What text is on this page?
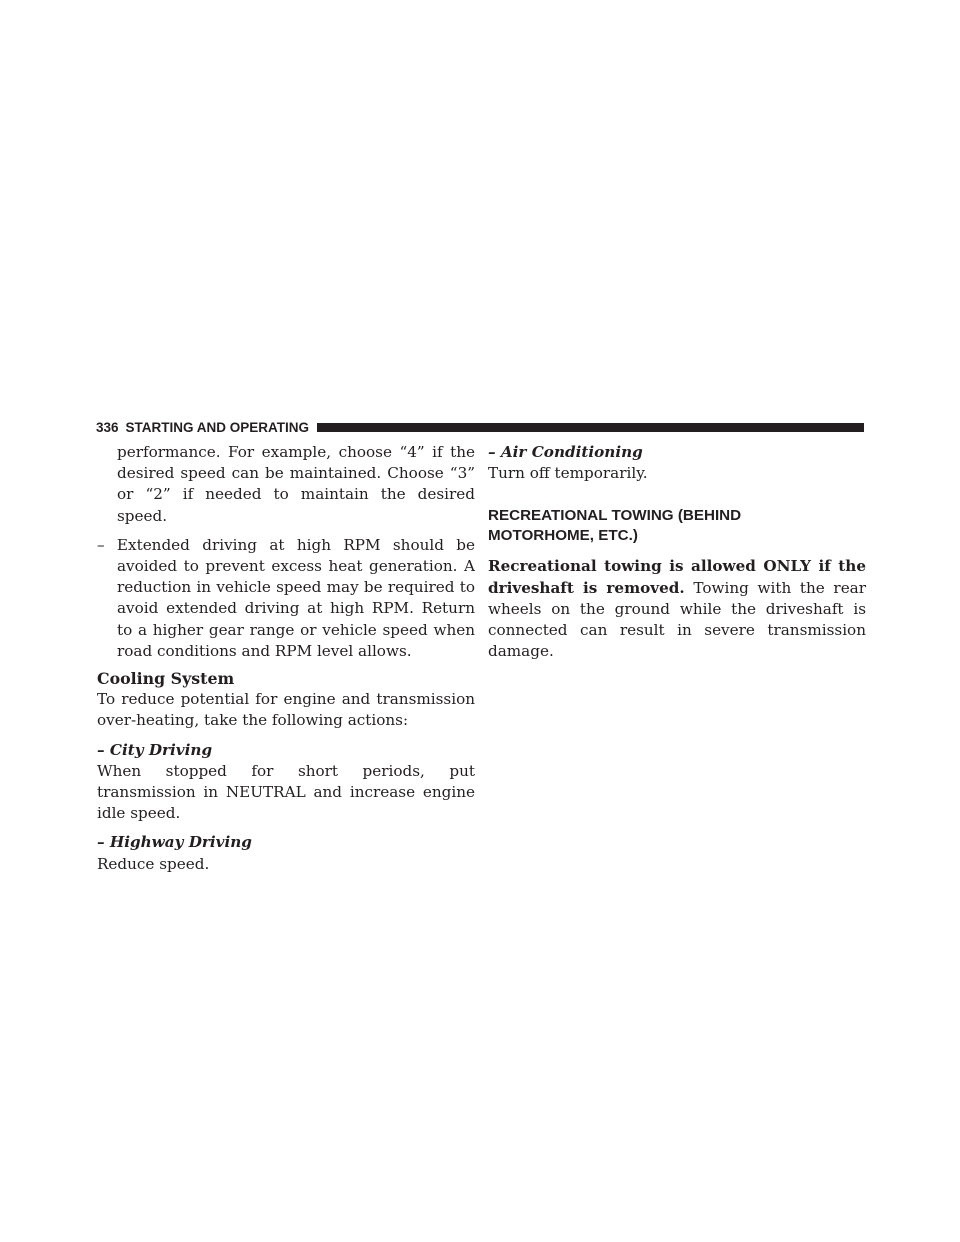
336 STARTING AND OPERATING

performance. For example, choose “4” if the desired speed can be maintained. Choose “3” or “2” if needed to maintain the desired speed.

– Extended driving at high RPM should be avoided to prevent excess heat generation. A reduction in vehicle speed may be required to avoid extended driving at high RPM. Return to a higher gear range or vehicle speed when road conditions and RPM level allows.

Cooling System

To reduce potential for engine and transmission over-heating, take the following actions:

– City Driving

When stopped for short periods, put transmission in NEUTRAL and increase engine idle speed.

– Highway Driving

Reduce speed.

– Air Conditioning

Turn off temporarily.

RECREATIONAL TOWING (BEHIND
MOTORHOME, ETC.)

Recreational towing is allowed ONLY if the driveshaft is removed. Towing with the rear wheels on the ground while the driveshaft is connected can result in severe transmission damage.
